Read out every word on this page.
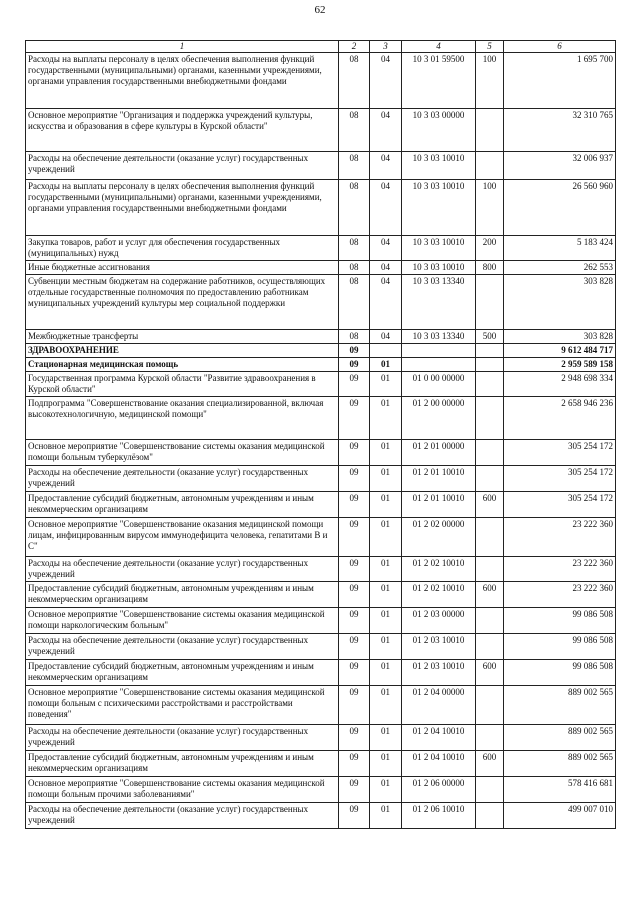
62
1	2	3	4	5	6
Расходы на выплаты персоналу в целях обеспечения выполнения функций государственными (муниципальными) органами, казенными учреждениями, органами управления государственными внебюджетными фондами	08	04	10 3 01 59500	100	1 695 700
Основное мероприятие "Организация и поддержка учреждений культуры, искусства и образования в сфере культуры в Курской области"	08	04	10 3 03 00000		32 310 765
Расходы на обеспечение деятельности (оказание услуг) государственных учреждений	08	04	10 3 03 10010		32 006 937
Расходы на выплаты персоналу в целях обеспечения выполнения функций государственными (муниципальными) органами, казенными учреждениями, органами управления государственными внебюджетными фондами	08	04	10 3 03 10010	100	26 560 960
Закупка товаров, работ и услуг для обеспечения государственных (муниципальных) нужд	08	04	10 3 03 10010	200	5 183 424
Иные бюджетные ассигнования	08	04	10 3 03 10010	800	262 553
Субвенции местным бюджетам на содержание работников, осуществляющих отдельные государственные полномочия по предоставлению работникам муниципальных учреждений культуры мер социальной поддержки	08	04	10 3 03 13340		303 828
Межбюджетные трансферты	08	04	10 3 03 13340	500	303 828
ЗДРАВООХРАНЕНИЕ	09				9 612 484 717
Стационарная медицинская помощь	09	01			2 959 589 158
Государственная программа Курской области "Развитие здравоохранения в Курской области"	09	01	01 0 00 00000		2 948 698 334
Подпрограмма "Совершенствование оказания специализированной, включая высокотехнологичную, медицинской помощи"	09	01	01 2 00 00000		2 658 946 236
Основное мероприятие "Совершенствование системы оказания медицинской помощи больным туберкулёзом"	09	01	01 2 01 00000		305 254 172
Расходы на обеспечение деятельности (оказание услуг) государственных учреждений	09	01	01 2 01 10010		305 254 172
Предоставление субсидий бюджетным, автономным учреждениям и иным некоммерческим организациям	09	01	01 2 01 10010	600	305 254 172
Основное мероприятие "Совершенствование оказания медицинской помощи лицам, инфицированным вирусом иммунодефицита человека, гепатитами В и С"	09	01	01 2 02 00000		23 222 360
Расходы на обеспечение деятельности (оказание услуг) государственных учреждений	09	01	01 2 02 10010		23 222 360
Предоставление субсидий бюджетным, автономным учреждениям и иным некоммерческим организациям	09	01	01 2 02 10010	600	23 222 360
Основное мероприятие "Совершенствование системы оказания медицинской помощи наркологическим больным"	09	01	01 2 03 00000		99 086 508
Расходы на обеспечение деятельности (оказание услуг) государственных учреждений	09	01	01 2 03 10010		99 086 508
Предоставление субсидий бюджетным, автономным учреждениям и иным некоммерческим организациям	09	01	01 2 03 10010	600	99 086 508
Основное мероприятие "Совершенствование системы оказания медицинской помощи больным с психическими расстройствами и расстройствами поведения"	09	01	01 2 04 00000		889 002 565
Расходы на обеспечение деятельности (оказание услуг) государственных учреждений	09	01	01 2 04 10010		889 002 565
Предоставление субсидий бюджетным, автономным учреждениям и иным некоммерческим организациям	09	01	01 2 04 10010	600	889 002 565
Основное мероприятие "Совершенствование системы оказания медицинской помощи больным прочими заболеваниями"	09	01	01 2 06 00000		578 416 681
Расходы на обеспечение деятельности (оказание услуг) государственных учреждений	09	01	01 2 06 10010		499 007 010
